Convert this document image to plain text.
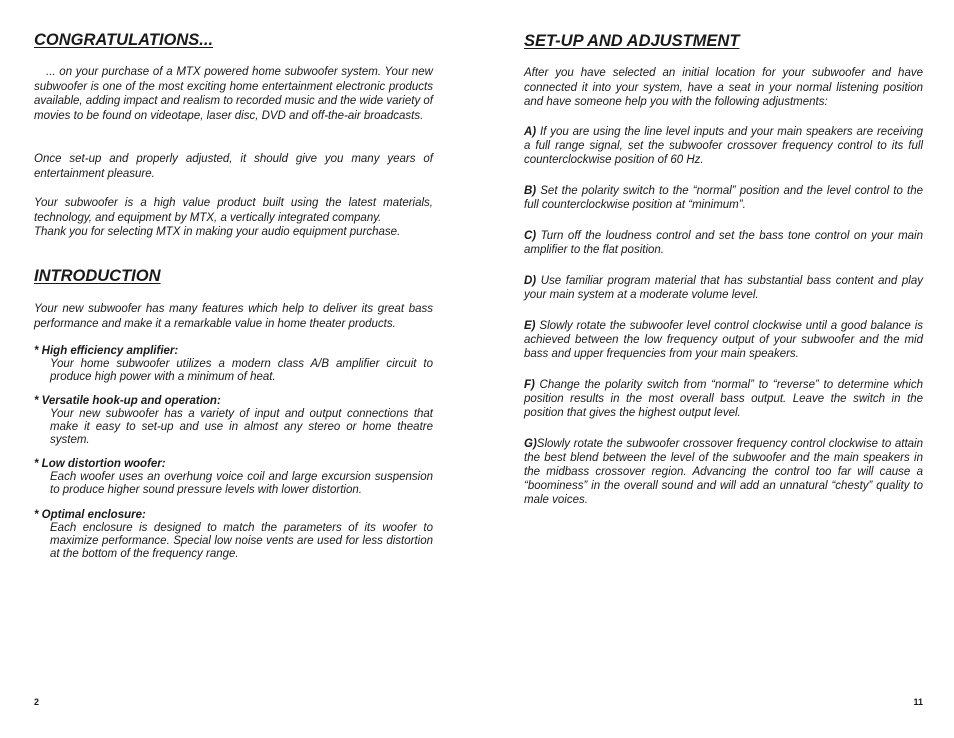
CONGRATULATIONS...

... on your purchase of a MTX powered home subwoofer system. Your new subwoofer is one of the most exciting home entertainment electronic products available, adding impact and realism to recorded music and the wide variety of movies to be found on videotape, laser disc, DVD and off-the-air broadcasts.

Once set-up and properly adjusted, it should give you many years of entertainment pleasure.

Your subwoofer is a high value product built using the latest materials, technology, and equipment by MTX, a vertically integrated company.

Thank you for selecting MTX in making your audio equipment purchase.

INTRODUCTION

Your new subwoofer has many features which help to deliver its great bass performance and make it a remarkable value in home theater products.

* High efficiency amplifier:

Your home subwoofer utilizes a modern class A/B amplifier circuit to produce high power with a minimum of heat.

* Versatile hook-up and operation:

Your new subwoofer has a variety of input and output connections that make it easy to set-up and use in almost any stereo or home theatre system.

* Low distortion woofer:

Each woofer uses an overhung voice coil and large excursion suspension to produce higher sound pressure levels with lower distortion.

* Optimal enclosure:

Each enclosure is designed to match the parameters of its woofer to maximize performance. Special low noise vents are used for less distortion at the bottom of the frequency range.

2
SET-UP AND ADJUSTMENT

After you have selected an initial location for your subwoofer and have connected it into your system, have a seat in your normal listening position and have someone help you with the following adjustments:

A) If you are using the line level inputs and your main speakers are receiving a full range signal, set the subwoofer crossover frequency control to its full counterclockwise position of 60 Hz.

B) Set the polarity switch to the “normal” position and the level control to the full counterclockwise position at “minimum”.

C) Turn off the loudness control and set the bass tone control on your main amplifier to the flat position.

D) Use familiar program material that has substantial bass content and play your main system at a moderate volume level.

E) Slowly rotate the subwoofer level control clockwise until a good balance is achieved between the low frequency output of your subwoofer and the mid bass and upper frequencies from your main speakers.

F) Change the polarity switch from “normal” to “reverse” to determine which position results in the most overall bass output. Leave the switch in the position that gives the highest output level.

G)Slowly rotate the subwoofer crossover frequency control clockwise to attain the best blend between the level of the subwoofer and the main speakers in the midbass crossover region. Advancing the control too far will cause a “boominess” in the overall sound and will add an unnatural “chesty” quality to male voices.

11
